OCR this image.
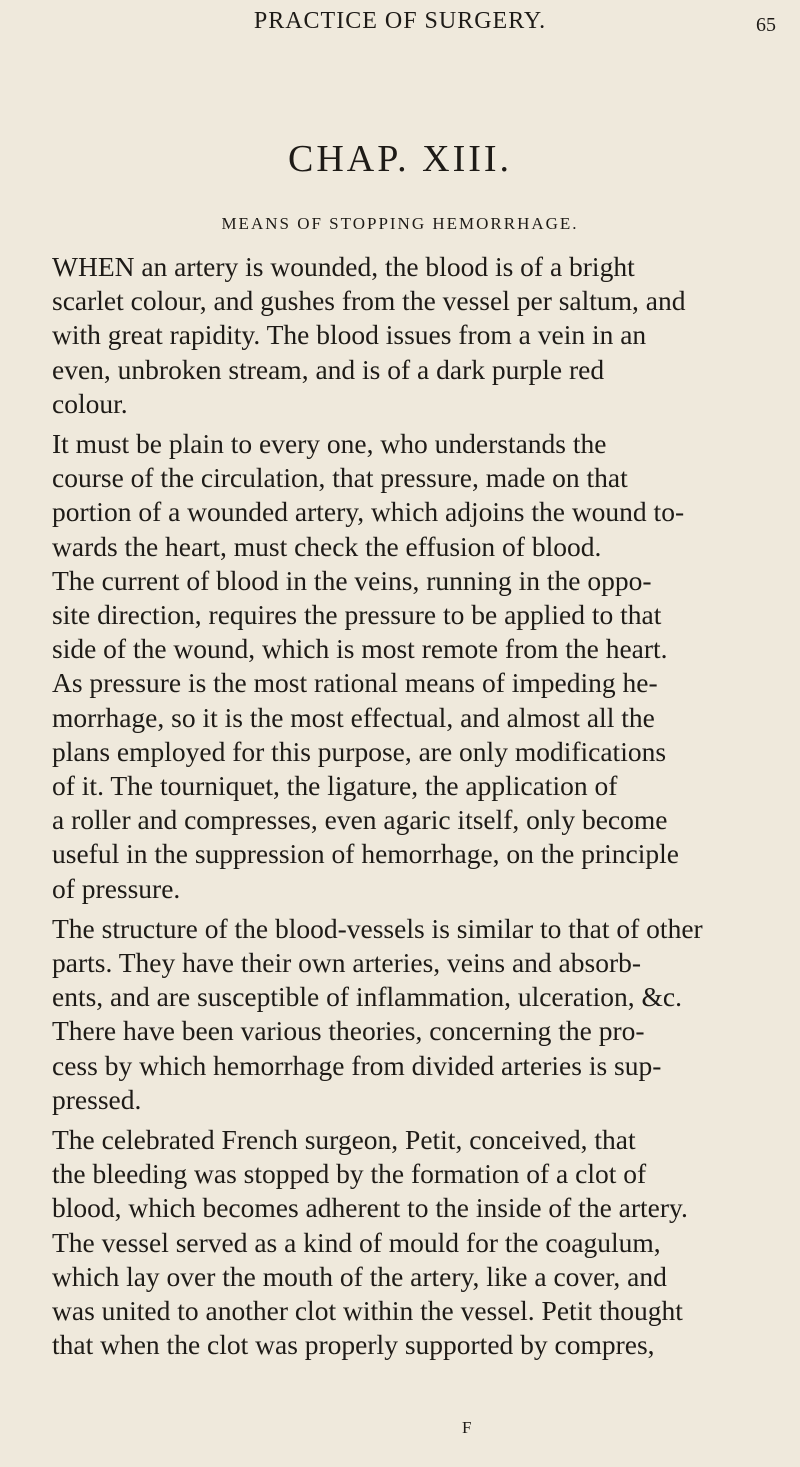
PRACTICE OF SURGERY.	65
CHAP. XIII.
MEANS OF STOPPING HEMORRHAGE.

WHEN an artery is wounded, the blood is of a bright

scarlet colour, and gushes from the vessel per saltum, and

with great rapidity. The blood issues from a vein in an

even, unbroken stream, and is of a dark purple red

colour.

It must be plain to every one, who understands the

course of the circulation, that pressure, made on that

portion of a wounded artery, which adjoins the wound to-

wards the heart, must check the effusion of blood.

The current of blood in the veins, running in the oppo-

site direction, requires the pressure to be applied to that

side of the wound, which is most remote from the heart.

As pressure is the most rational means of impeding he-

morrhage, so it is the most effectual, and almost all the

plans employed for this purpose, are only modifications

of it. The tourniquet, the ligature, the application of

a roller and compresses, even agaric itself, only become

useful in the suppression of hemorrhage, on the principle

of pressure.

The structure of the blood-vessels is similar to that of other

parts. They have their own arteries, veins and absorb-

ents, and are susceptible of inflammation, ulceration, &c.

There have been various theories, concerning the pro-

cess by which hemorrhage from divided arteries is sup-

pressed.

The celebrated French surgeon, Petit, conceived, that

the bleeding was stopped by the formation of a clot of

blood, which becomes adherent to the inside of the artery.

The vessel served as a kind of mould for the coagulum,

which lay over the mouth of the artery, like a cover, and

was united to another clot within the vessel. Petit thought

that when the clot was properly supported by compres,

F
